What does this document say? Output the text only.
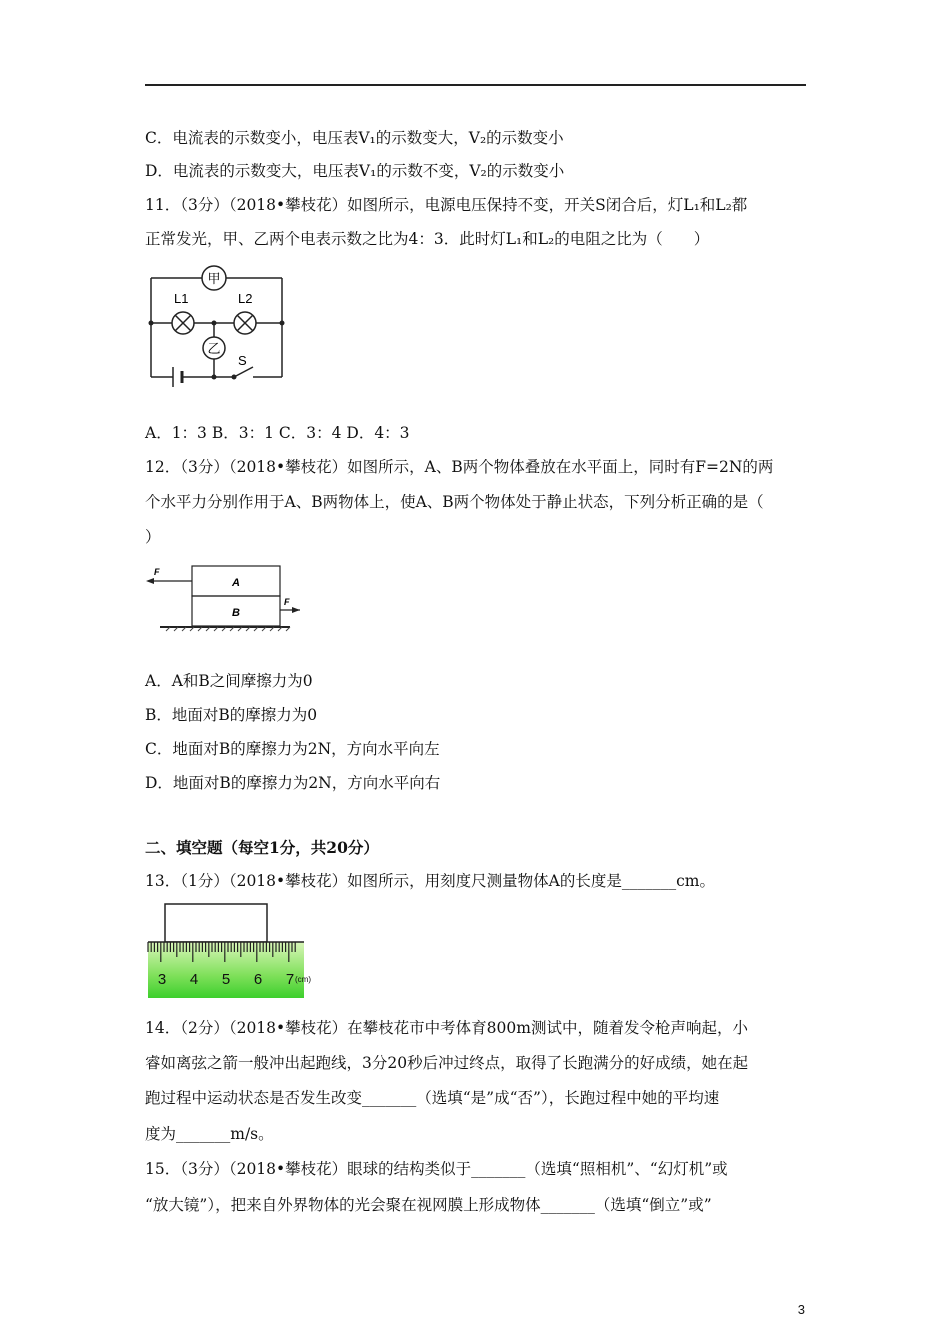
C．电流表的示数变小，电压表V₁的示数变大，V₂的示数变小
D．电流表的示数变大，电压表V₁的示数不变，V₂的示数变小
11．（3分）（2018•攀枝花）如图所示，电源电压保持不变，开关S闭合后，灯L₁和L₂都
正常发光，甲、乙两个电表示数之比为4：3．此时灯L₁和L₂的电阻之比为（　　）
甲
乙
L1	L2
S
A．1：3 B．3：1 C．3：4 D．4：3
12．（3分）（2018•攀枝花）如图所示，A、B两个物体叠放在水平面上，同时有F=2N的两
个水平力分别作用于A、B两物体上，使A、B两个物体处于静止状态，下列分析正确的是（
）
A
B
F
F
A．A和B之间摩擦力为0
B．地面对B的摩擦力为0
C．地面对B的摩擦力为2N，方向水平向左
D．地面对B的摩擦力为2N，方向水平向右
二、填空题（每空1分，共20分）
13．（1分）（2018•攀枝花）如图所示，用刻度尺测量物体A的长度是_______cm。
3 4 5 6 7 (cm)
14．（2分）（2018•攀枝花）在攀枝花市中考体育800m测试中，随着发令枪声响起，小
睿如离弦之箭一般冲出起跑线，3分20秒后冲过终点，取得了长跑满分的好成绩，她在起
跑过程中运动状态是否发生改变_______（选填“是”成“否”），长跑过程中她的平均速
度为_______m/s。
15．（3分）（2018•攀枝花）眼球的结构类似于_______（选填“照相机”、“幻灯机”或
“放大镜”），把来自外界物体的光会聚在视网膜上形成物体_______（选填“倒立”或”
3
